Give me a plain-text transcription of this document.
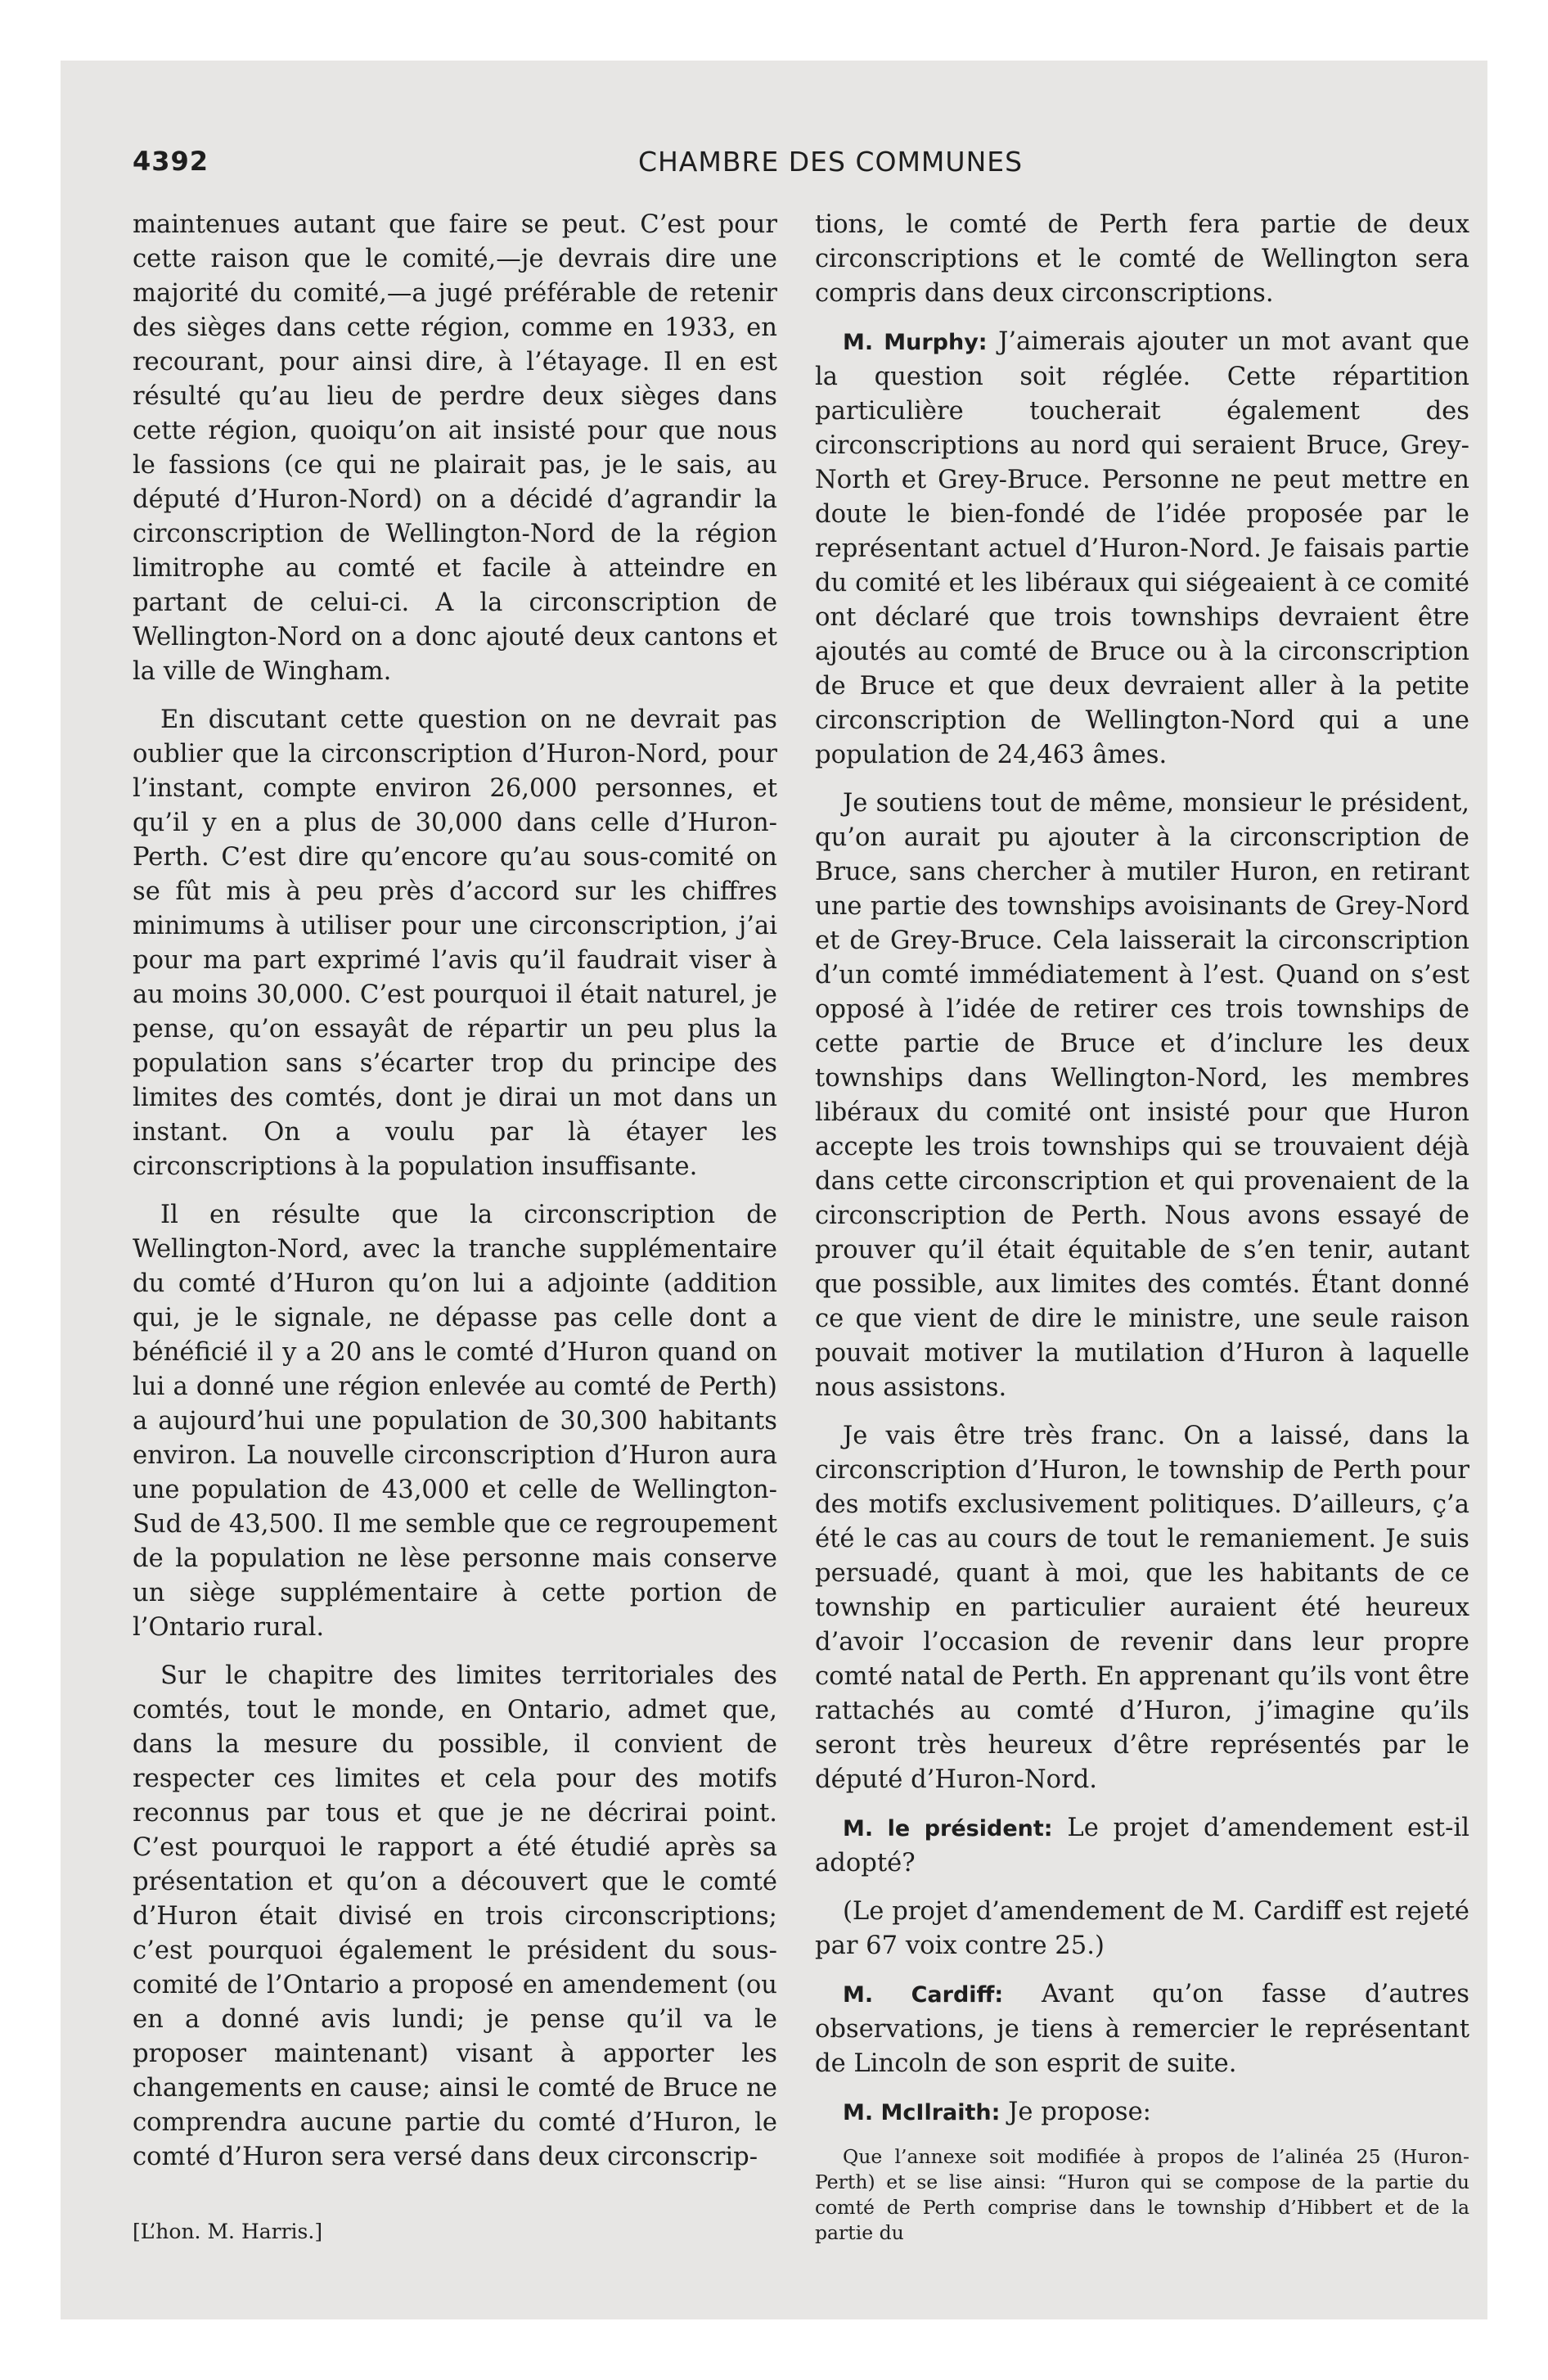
4392	CHAMBRE DES COMMUNES

maintenues autant que faire se peut. C’est pour cette raison que le comité,—je devrais dire une majorité du comité,—a jugé préférable de retenir des sièges dans cette région, comme en 1933, en recourant, pour ainsi dire, à l’étayage. Il en est résulté qu’au lieu de perdre deux sièges dans cette région, quoiqu’on ait insisté pour que nous le fassions (ce qui ne plairait pas, je le sais, au député d’Huron-Nord) on a décidé d’agrandir la circonscription de Wellington-Nord de la région limitrophe au comté et facile à atteindre en partant de celui-ci. A la circonscription de Wellington-Nord on a donc ajouté deux cantons et la ville de Wingham.

En discutant cette question on ne devrait pas oublier que la circonscription d’Huron-Nord, pour l’instant, compte environ 26,000 personnes, et qu’il y en a plus de 30,000 dans celle d’Huron-Perth. C’est dire qu’encore qu’au sous-comité on se fût mis à peu près d’accord sur les chiffres minimums à utiliser pour une circonscription, j’ai pour ma part exprimé l’avis qu’il faudrait viser à au moins 30,000. C’est pourquoi il était naturel, je pense, qu’on essayât de répartir un peu plus la population sans s’écarter trop du principe des limites des comtés, dont je dirai un mot dans un instant. On a voulu par là étayer les circonscriptions à la population insuffisante.

Il en résulte que la circonscription de Wellington-Nord, avec la tranche supplémentaire du comté d’Huron qu’on lui a adjointe (addition qui, je le signale, ne dépasse pas celle dont a bénéficié il y a 20 ans le comté d’Huron quand on lui a donné une région enlevée au comté de Perth) a aujourd’hui une population de 30,300 habitants environ. La nouvelle circonscription d’Huron aura une population de 43,000 et celle de Wellington-Sud de 43,500. Il me semble que ce regroupement de la population ne lèse personne mais conserve un siège supplémentaire à cette portion de l’Ontario rural.

Sur le chapitre des limites territoriales des comtés, tout le monde, en Ontario, admet que, dans la mesure du possible, il convient de respecter ces limites et cela pour des motifs reconnus par tous et que je ne décrirai point. C’est pourquoi le rapport a été étudié après sa présentation et qu’on a découvert que le comté d’Huron était divisé en trois circonscriptions; c’est pourquoi également le président du sous-comité de l’Ontario a proposé en amendement (ou en a donné avis lundi; je pense qu’il va le proposer maintenant) visant à apporter les changements en cause; ainsi le comté de Bruce ne comprendra aucune partie du comté d’Huron, le comté d’Huron sera versé dans deux circonscrip-

tions, le comté de Perth fera partie de deux circonscriptions et le comté de Wellington sera compris dans deux circonscriptions.

M. Murphy: J’aimerais ajouter un mot avant que la question soit réglée. Cette répartition particulière toucherait également des circonscriptions au nord qui seraient Bruce, Grey-North et Grey-Bruce. Personne ne peut mettre en doute le bien-fondé de l’idée proposée par le représentant actuel d’Huron-Nord. Je faisais partie du comité et les libéraux qui siégeaient à ce comité ont déclaré que trois townships devraient être ajoutés au comté de Bruce ou à la circonscription de Bruce et que deux devraient aller à la petite circonscription de Wellington-Nord qui a une population de 24,463 âmes.

Je soutiens tout de même, monsieur le président, qu’on aurait pu ajouter à la circonscription de Bruce, sans chercher à mutiler Huron, en retirant une partie des townships avoisinants de Grey-Nord et de Grey-Bruce. Cela laisserait la circonscription d’un comté immédiatement à l’est. Quand on s’est opposé à l’idée de retirer ces trois townships de cette partie de Bruce et d’inclure les deux townships dans Wellington-Nord, les membres libéraux du comité ont insisté pour que Huron accepte les trois townships qui se trouvaient déjà dans cette circonscription et qui provenaient de la circonscription de Perth. Nous avons essayé de prouver qu’il était équitable de s’en tenir, autant que possible, aux limites des comtés. Étant donné ce que vient de dire le ministre, une seule raison pouvait motiver la mutilation d’Huron à laquelle nous assistons.

Je vais être très franc. On a laissé, dans la circonscription d’Huron, le township de Perth pour des motifs exclusivement politiques. D’ailleurs, ç’a été le cas au cours de tout le remaniement. Je suis persuadé, quant à moi, que les habitants de ce township en particulier auraient été heureux d’avoir l’occasion de revenir dans leur propre comté natal de Perth. En apprenant qu’ils vont être rattachés au comté d’Huron, j’imagine qu’ils seront très heureux d’être représentés par le député d’Huron-Nord.

M. le président: Le projet d’amendement est-il adopté?

(Le projet d’amendement de M. Cardiff est rejeté par 67 voix contre 25.)

M. Cardiff: Avant qu’on fasse d’autres observations, je tiens à remercier le représentant de Lincoln de son esprit de suite.

M. McIlraith: Je propose:

Que l’annexe soit modifiée à propos de l’alinéa 25 (Huron-Perth) et se lise ainsi: “Huron qui se compose de la partie du comté de Perth comprise dans le township d’Hibbert et de la partie du

[L’hon. M. Harris.]
